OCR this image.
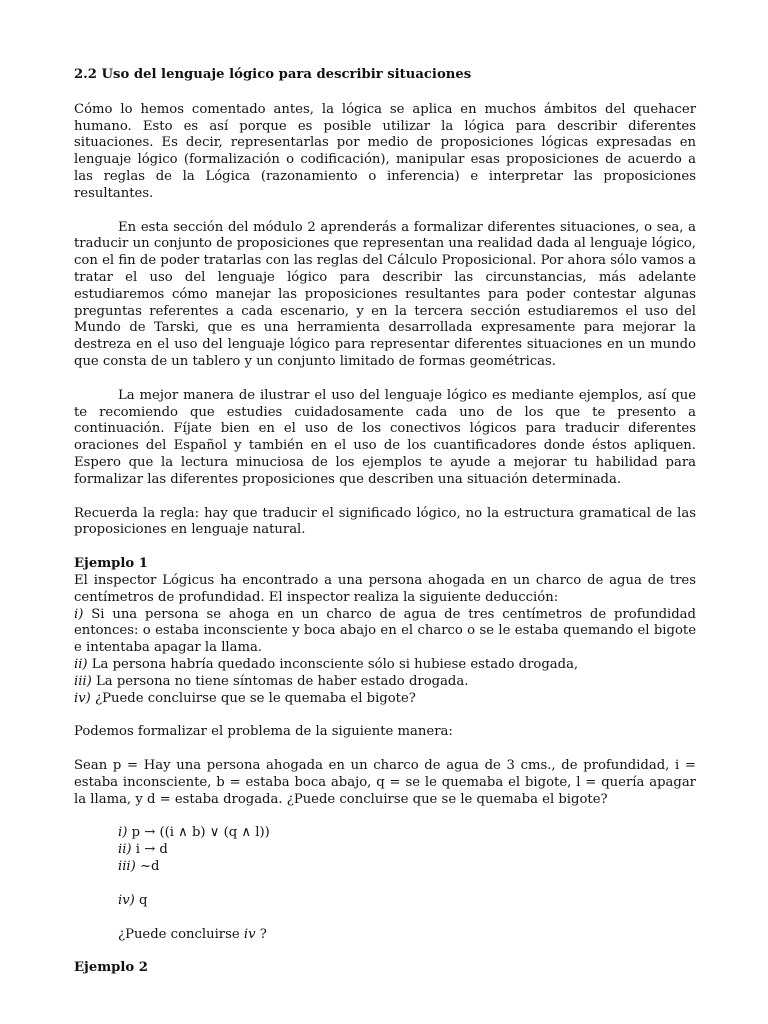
2.2 Uso del lenguaje lógico para describir situaciones

Cómo lo hemos comentado antes, la lógica se aplica en muchos ámbitos del quehacer humano. Esto es así porque es posible utilizar la lógica para describir diferentes situaciones. Es decir, representarlas por medio de proposiciones lógicas expresadas en lenguaje lógico (formalización o codificación), manipular esas proposiciones de acuerdo a las reglas de la Lógica (razonamiento o inferencia) e interpretar las proposiciones resultantes.

En esta sección del módulo 2 aprenderás a formalizar diferentes situaciones, o sea, a traducir un conjunto de proposiciones que representan una realidad dada al lenguaje lógico, con el fin de poder tratarlas con las reglas del Cálculo Proposicional. Por ahora sólo vamos a tratar el uso del lenguaje lógico para describir las circunstancias, más adelante estudiaremos cómo manejar las proposiciones resultantes para poder contestar algunas preguntas referentes a cada escenario, y en la tercera sección estudiaremos el uso del Mundo de Tarski, que es una herramienta desarrollada expresamente para mejorar la destreza en el uso del lenguaje lógico para representar diferentes situaciones en un mundo que consta de un tablero y un conjunto limitado de formas geométricas.

La mejor manera de ilustrar el uso del lenguaje lógico es mediante ejemplos, así que te recomiendo que estudies cuidadosamente cada uno de los que te presento a continuación. Fíjate bien en el uso de los conectivos lógicos para traducir diferentes oraciones del Español y también en el uso de los cuantificadores donde éstos apliquen. Espero que la lectura minuciosa de los ejemplos te ayude a mejorar tu habilidad para formalizar las diferentes proposiciones que describen una situación determinada.

Recuerda la regla: hay que traducir el significado lógico, no la estructura gramatical de las proposiciones en lenguaje natural.

Ejemplo 1
El inspector Lógicus ha encontrado a una persona ahogada en un charco de agua de tres centímetros de profundidad. El inspector realiza la siguiente deducción:
i) Si una persona se ahoga en un charco de agua de tres centímetros de profundidad entonces: o estaba inconsciente y boca abajo en el charco o se le estaba quemando el bigote e intentaba apagar la llama.
ii) La persona habría quedado inconsciente sólo si hubiese estado drogada,
iii) La persona no tiene síntomas de haber estado drogada.
iv) ¿Puede concluirse que se le quemaba el bigote?

Podemos formalizar el problema de la siguiente manera:

Sean p = Hay una persona ahogada en un charco de agua de 3 cms., de profundidad, i = estaba inconsciente, b = estaba boca abajo, q = se le quemaba el bigote, l = quería apagar la llama, y d = estaba drogada. ¿Puede concluirse que se le quemaba el bigote?

i) p → ((i ∧ b) ∨ (q ∧ l))
ii) i → d
iii) ~d
iv) q
¿Puede concluirse iv ?
Ejemplo 2
